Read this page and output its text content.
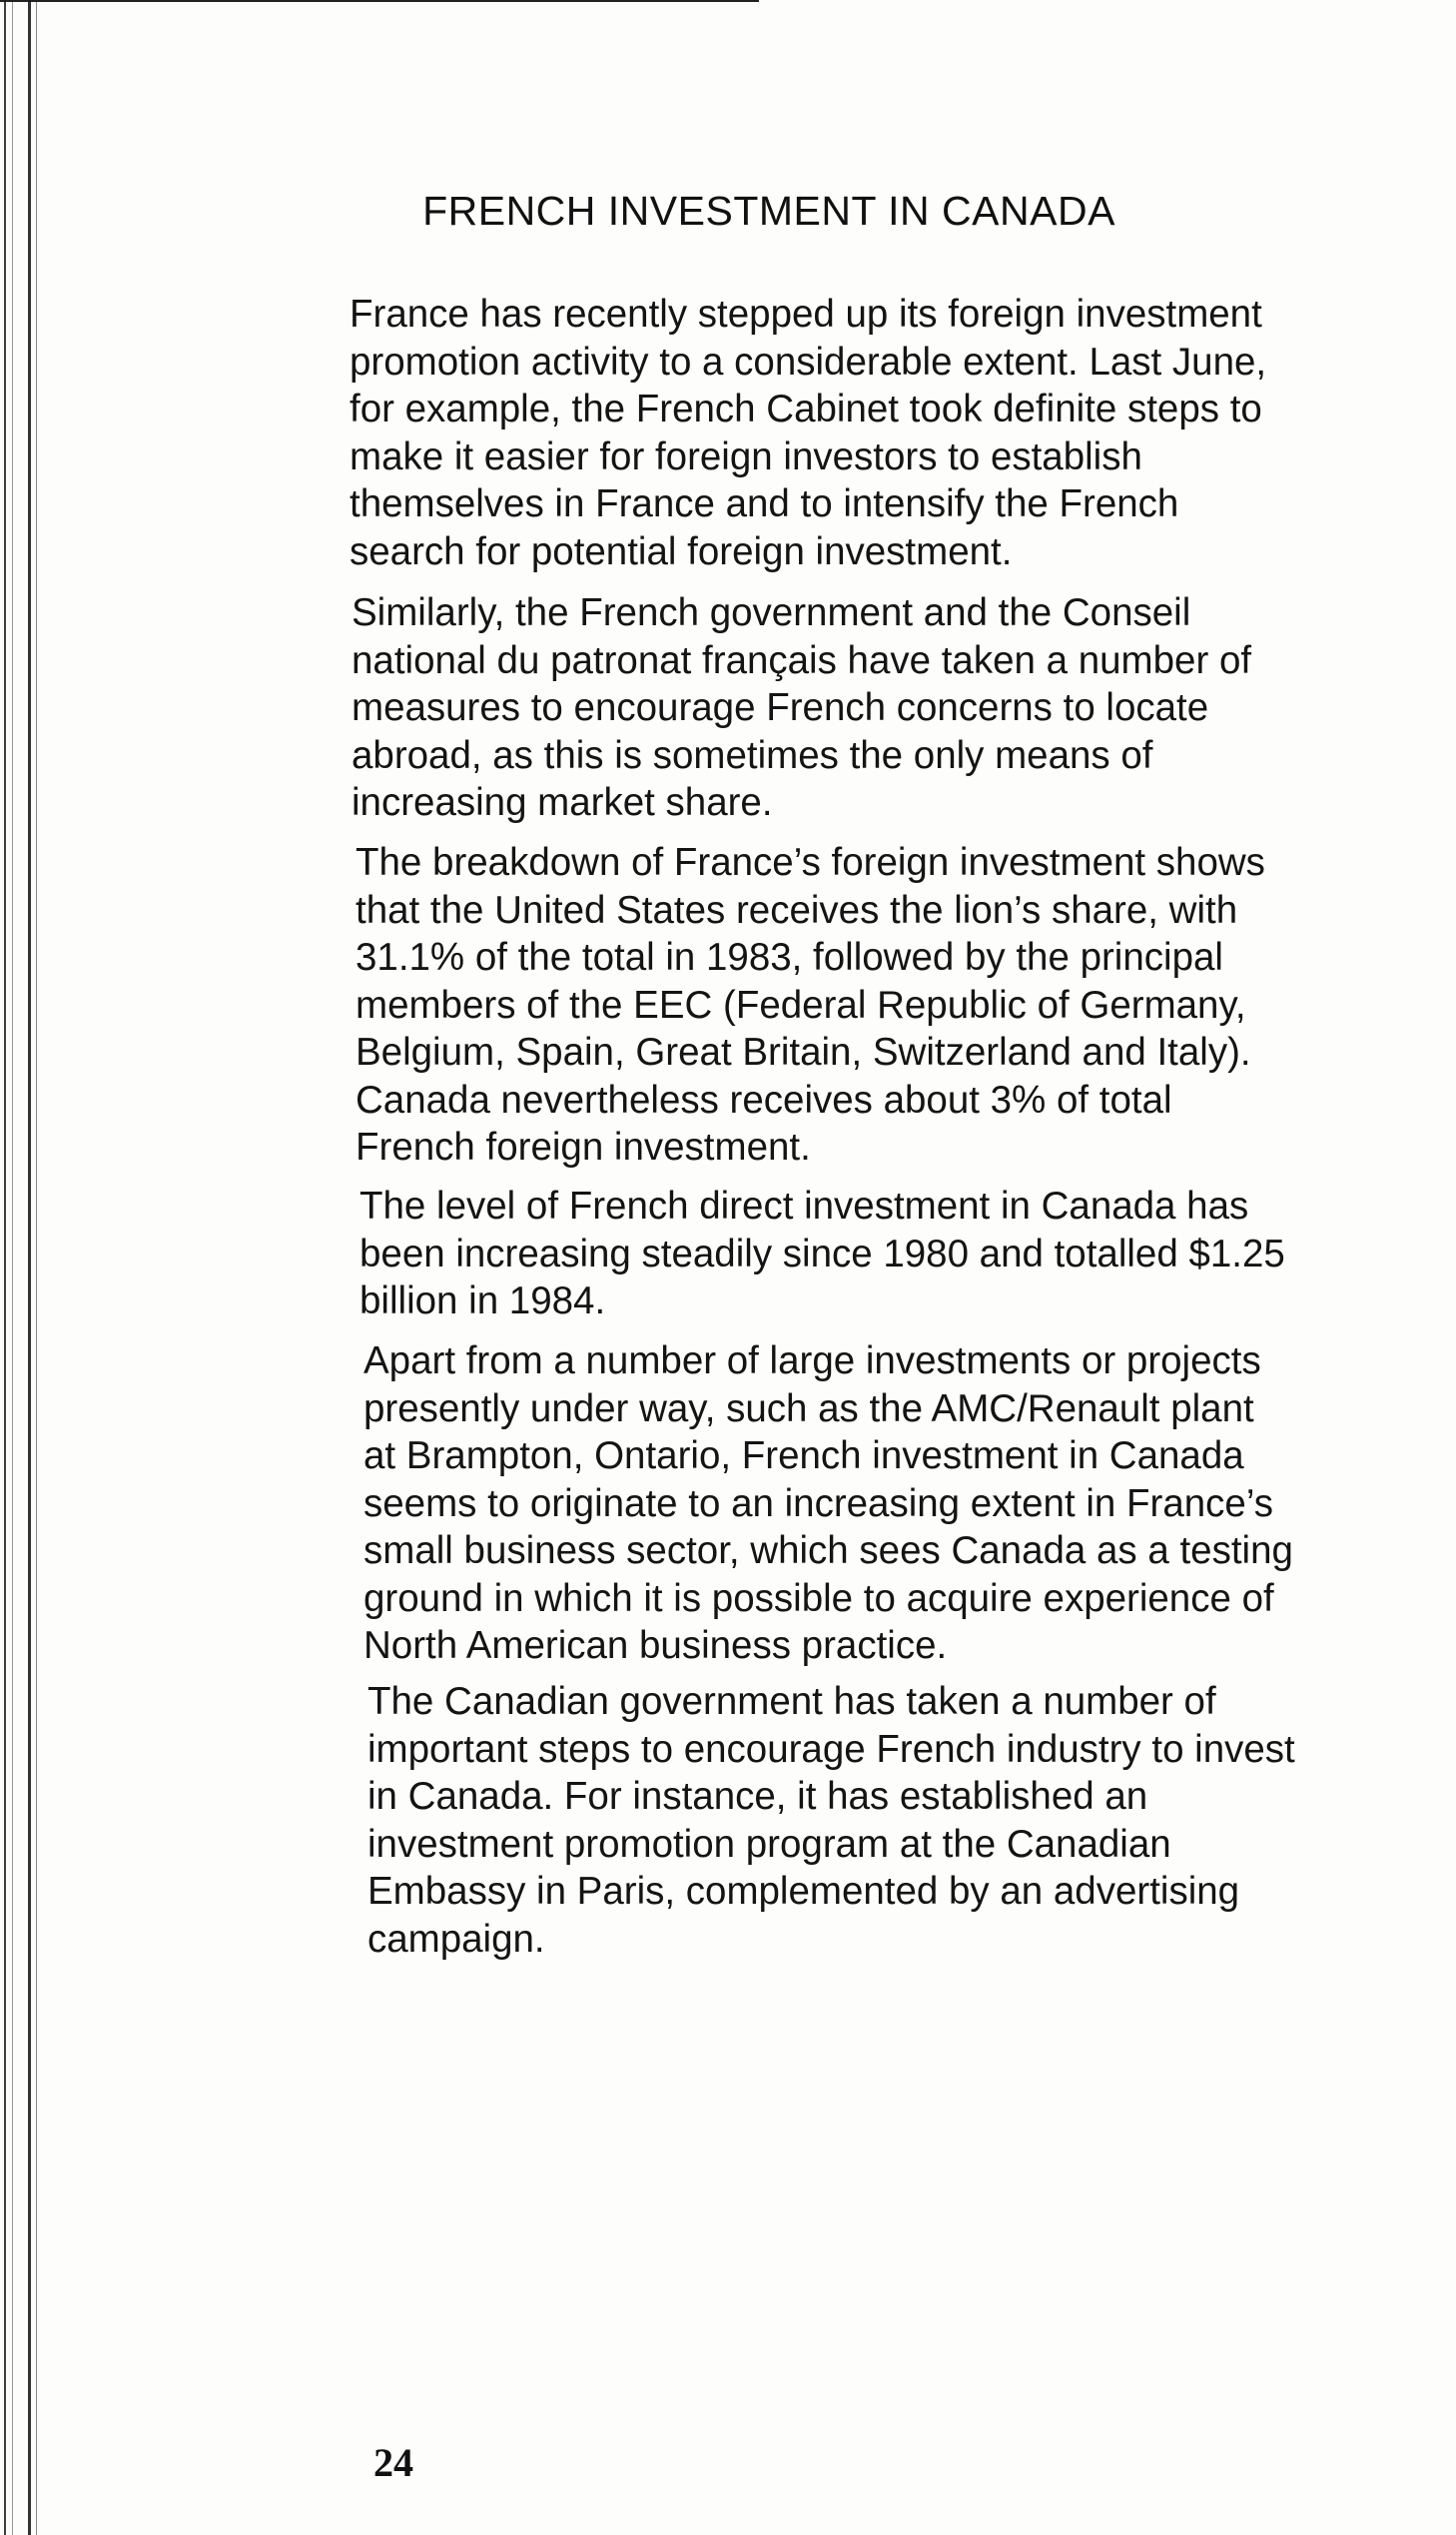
FRENCH INVESTMENT IN CANADA

France has recently stepped up its foreign investment
promotion activity to a considerable extent. Last June,
for example, the French Cabinet took definite steps to
make it easier for foreign investors to establish
themselves in France and to intensify the French
search for potential foreign investment.

Similarly, the French government and the Conseil
national du patronat français have taken a number of
measures to encourage French concerns to locate
abroad, as this is sometimes the only means of
increasing market share.

The breakdown of France’s foreign investment shows
that the United States receives the lion’s share, with
31.1% of the total in 1983, followed by the principal
members of the EEC (Federal Republic of Germany,
Belgium, Spain, Great Britain, Switzerland and Italy).
Canada nevertheless receives about 3% of total
French foreign investment.

The level of French direct investment in Canada has
been increasing steadily since 1980 and totalled $1.25
billion in 1984.

Apart from a number of large investments or projects
presently under way, such as the AMC/Renault plant
at Brampton, Ontario, French investment in Canada
seems to originate to an increasing extent in France’s
small business sector, which sees Canada as a testing
ground in which it is possible to acquire experience of
North American business practice.

The Canadian government has taken a number of
important steps to encourage French industry to invest
in Canada. For instance, it has established an
investment promotion program at the Canadian
Embassy in Paris, complemented by an advertising
campaign.

24
